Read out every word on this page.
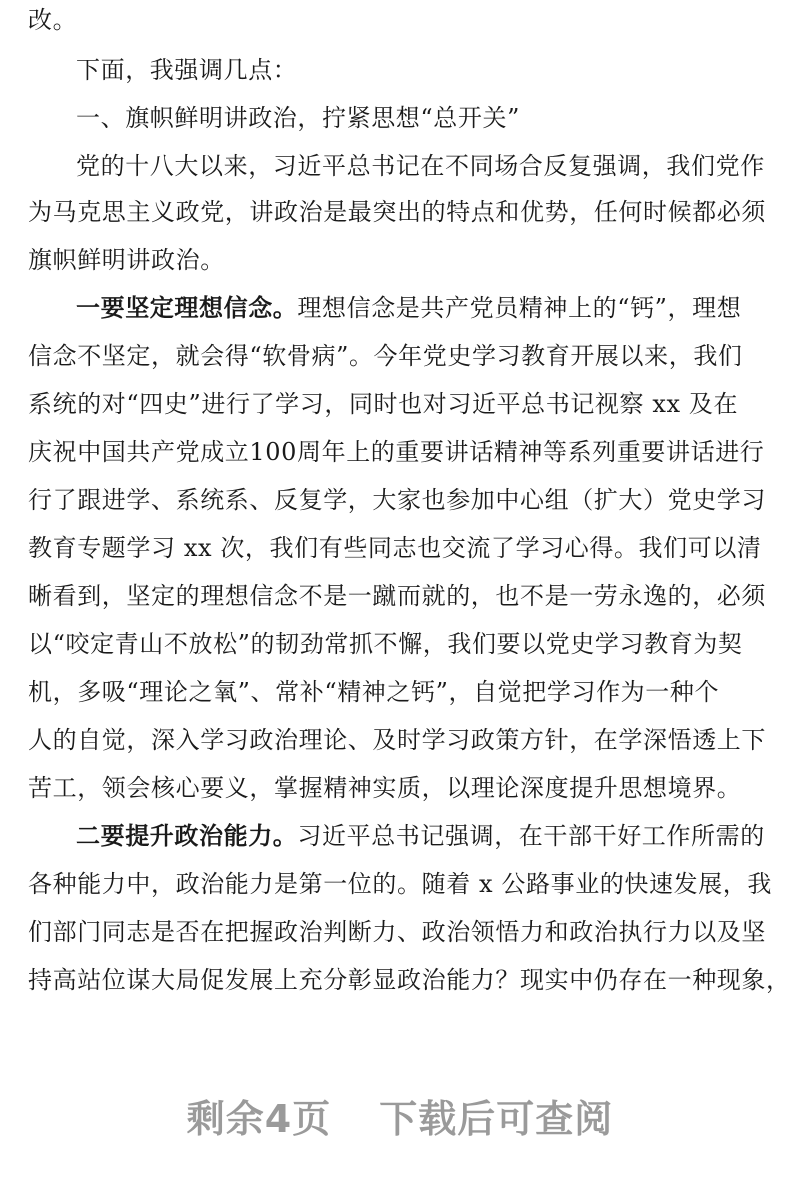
改。
下面，我强调几点：
一、旗帜鲜明讲政治，拧紧思想“总开关”
党的十八大以来，习近平总书记在不同场合反复强调，我们党作
为马克思主义政党，讲政治是最突出的特点和优势，任何时候都必须
旗帜鲜明讲政治。
一要坚定理想信念。理想信念是共产党员精神上的“钙”，理想
信念不坚定，就会得“软骨病”。今年党史学习教育开展以来，我们
系统的对“四史”进行了学习，同时也对习近平总书记视察 xx 及在
庆祝中国共产党成立100周年上的重要讲话精神等系列重要讲话进行
行了跟进学、系统系、反复学，大家也参加中心组（扩大）党史学习
教育专题学习 xx 次，我们有些同志也交流了学习心得。我们可以清
晰看到，坚定的理想信念不是一蹴而就的，也不是一劳永逸的，必须
以“咬定青山不放松”的韧劲常抓不懈，我们要以党史学习教育为契
机，多吸“理论之氧”、常补“精神之钙”，自觉把学习作为一种个
人的自觉，深入学习政治理论、及时学习政策方针，在学深悟透上下
苦工，领会核心要义，掌握精神实质，以理论深度提升思想境界。
二要提升政治能力。习近平总书记强调，在干部干好工作所需的
各种能力中，政治能力是第一位的。随着 x 公路事业的快速发展，我
们部门同志是否在把握政治判断力、政治领悟力和政治执行力以及坚
持高站位谋大局促发展上充分彰显政治能力？现实中仍存在一种现象，
剩余4页 下载后可查阅
